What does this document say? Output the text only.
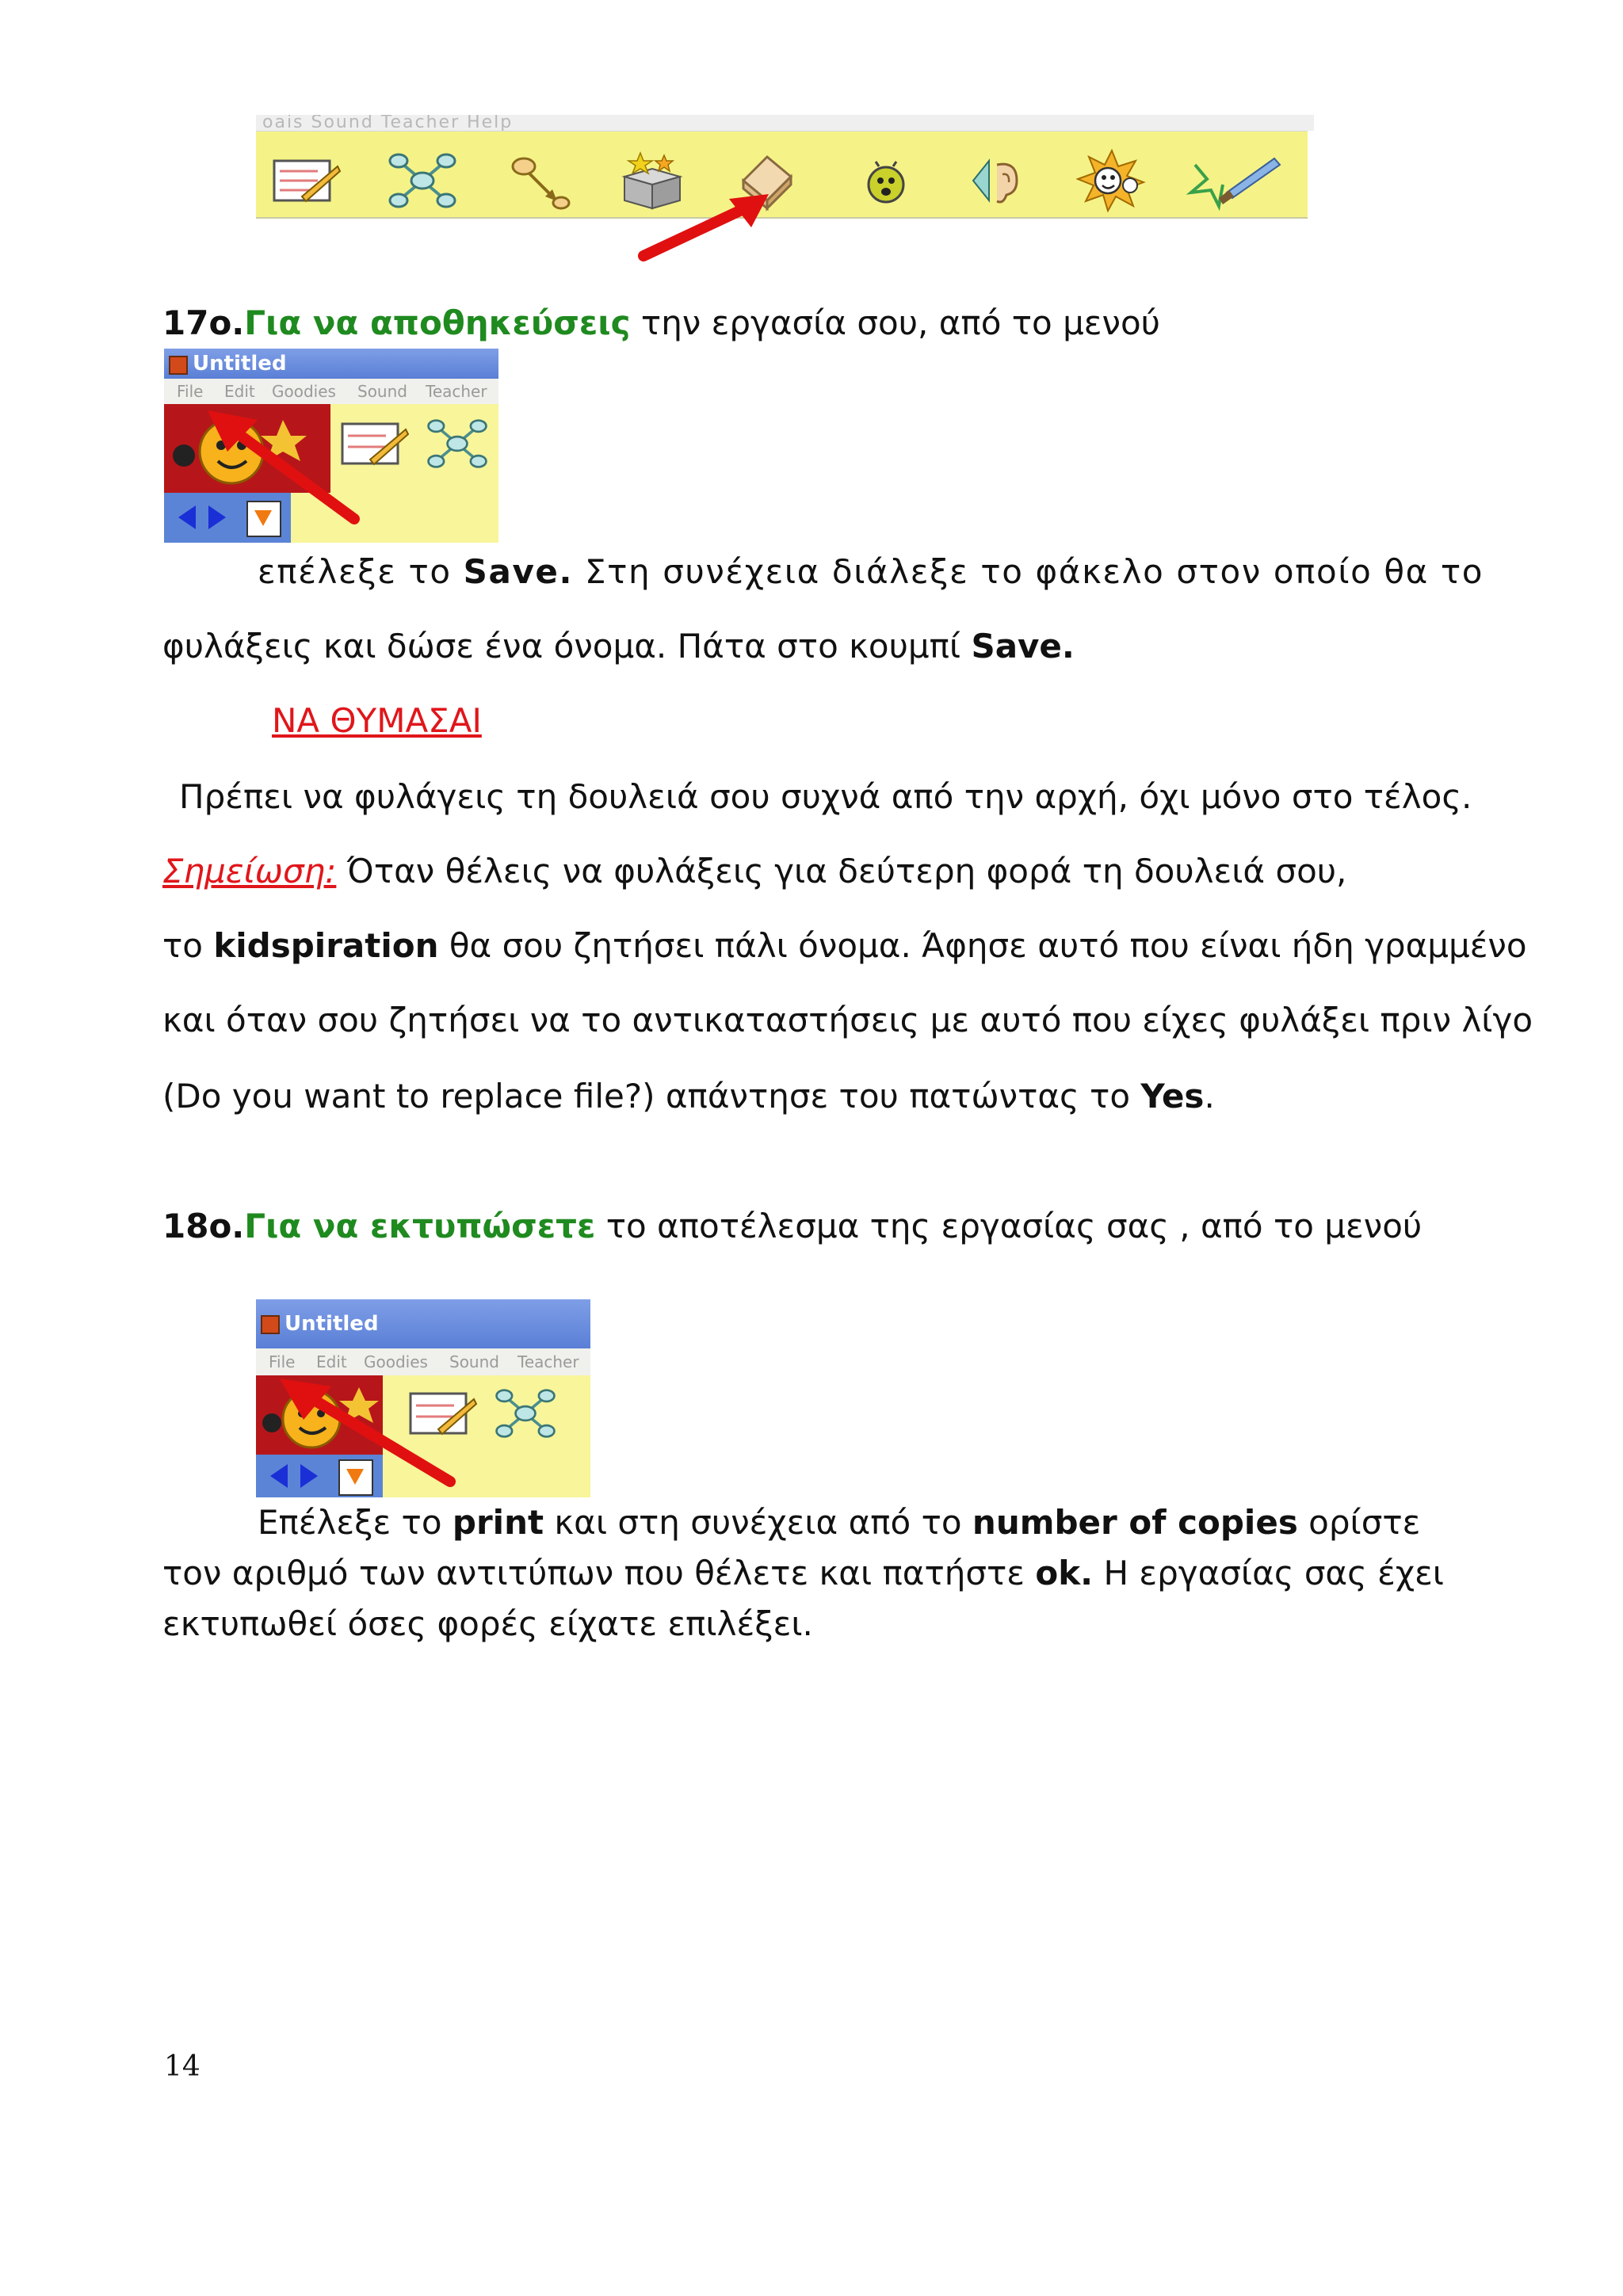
oais Sound Teacher Help
17ο.Για να αποθηκεύσεις την εργασία σου, από το μενού
Untitled
File Edit Goodies Sound Teacher
επέλεξε το Save. Στη συνέχεια διάλεξε το φάκελο στον οποίο θα το
φυλάξεις και δώσε ένα όνομα. Πάτα στο κουμπί Save.
ΝΑ ΘΥΜΑΣΑΙ
Πρέπει να φυλάγεις τη δουλειά σου συχνά από την αρχή, όχι μόνο στο τέλος.
Σημείωση: Όταν θέλεις να φυλάξεις για δεύτερη φορά τη δουλειά σου,
το kidspiration θα σου ζητήσει πάλι όνομα. Άφησε αυτό που είναι ήδη γραμμένο
και όταν σου ζητήσει να το αντικαταστήσεις με αυτό που είχες φυλάξει πριν λίγο
(Do you want to replace file?) απάντησε του πατώντας το Yes.
18ο.Για να εκτυπώσετε το αποτέλεσμα της εργασίας σας , από το μενού
Untitled
File Edit Goodies Sound Teacher
Επέλεξε το print και στη συνέχεια από το number of copies ορίστε
τον αριθμό των αντιτύπων που θέλετε και πατήστε ok. Η εργασίας σας έχει
εκτυπωθεί όσες φορές είχατε επιλέξει.
14
